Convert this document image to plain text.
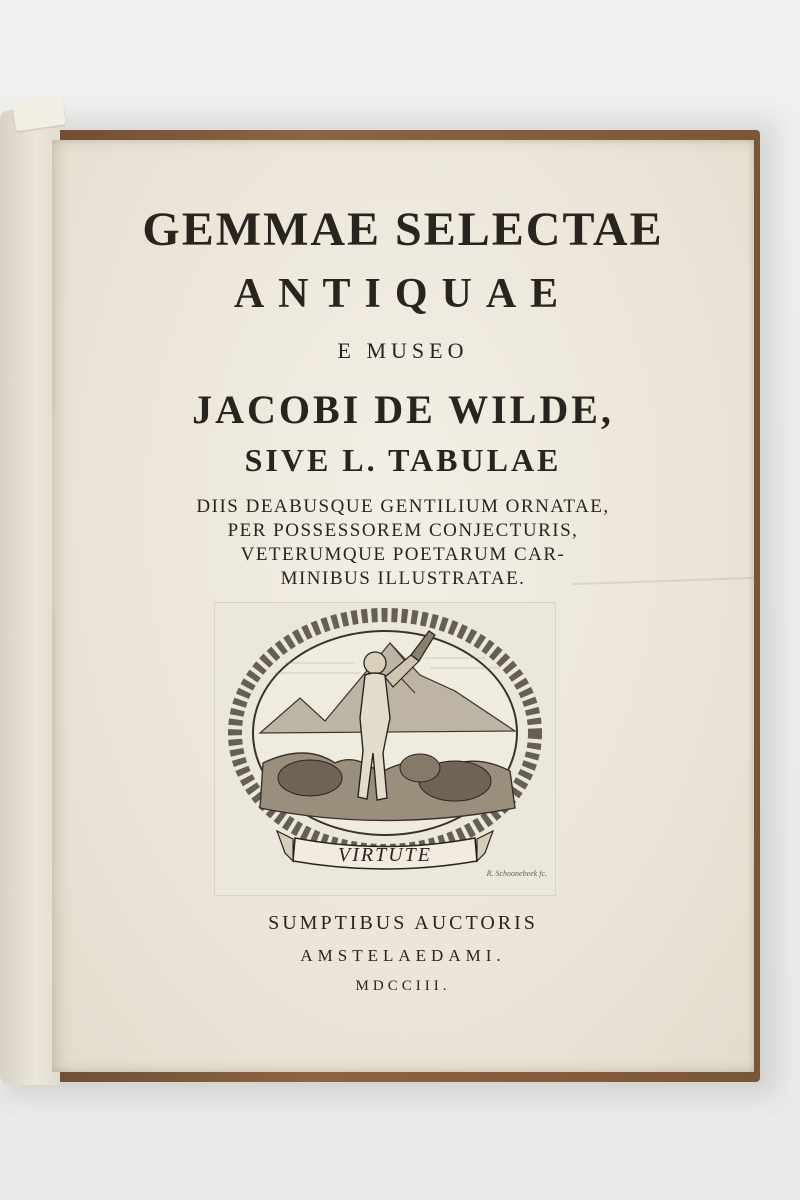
GEMMAE SELECTAE
ANTIQUAE
E MUSEO
JACOBI DE WILDE,
SIVE L. TABULAE
DIIS DEABUSQUE GENTILIUM ORNATAE,
PER POSSESSOREM CONJECTURIS,
VETERUMQUE POETARUM CAR-
MINIBUS ILLUSTRATAE.
VIRTUTE
R. Schoonebeek fc.
SUMPTIBUS AUCTORIS
AMSTELAEDAMI.
MDCCIII.
